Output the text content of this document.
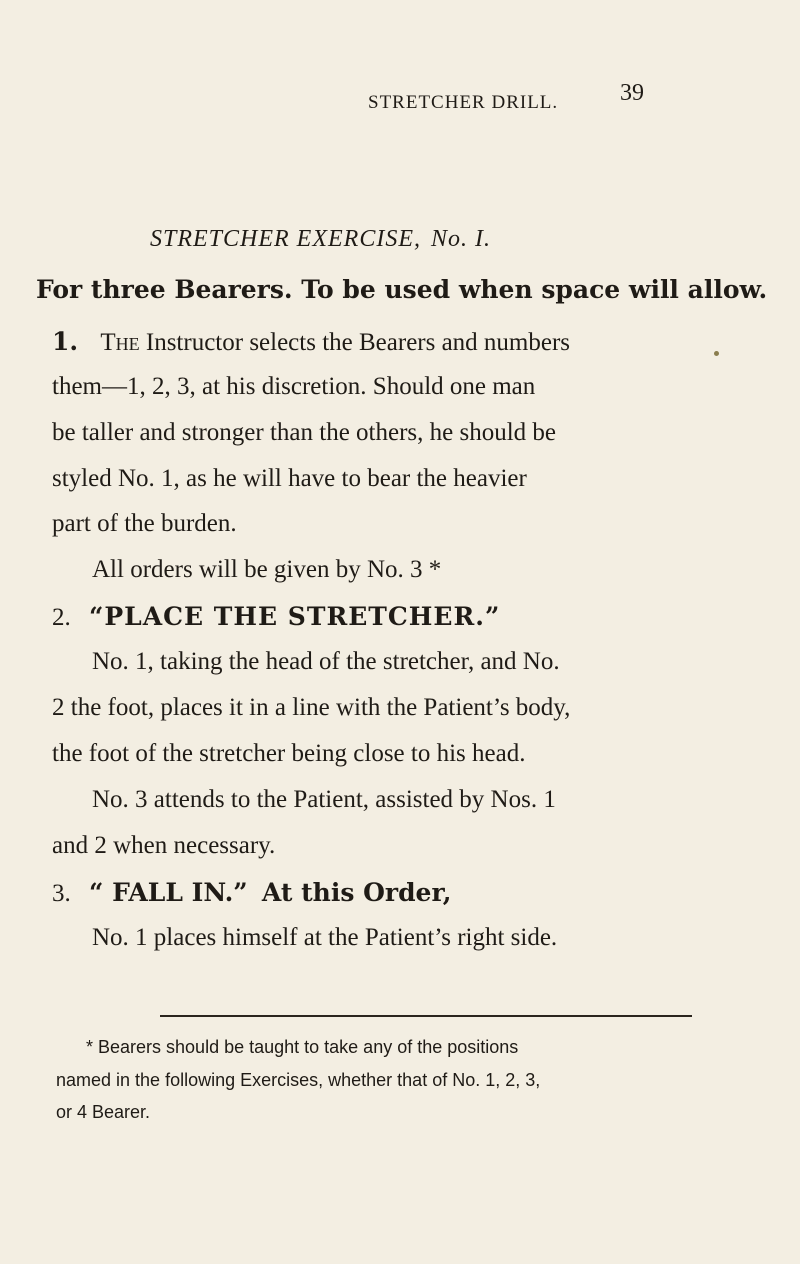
STRETCHER DRILL.	39
STRETCHER EXERCISE, No. I.
For three Bearers. To be used when space will allow.
1. The Instructor selects the Bearers and numbers
them—1, 2, 3, at his discretion. Should one man
be taller and stronger than the others, he should be
styled No. 1, as he will have to bear the heavier
part of the burden.
All orders will be given by No. 3 *
2. “PLACE THE STRETCHER.”
No. 1, taking the head of the stretcher, and No.
2 the foot, places it in a line with the Patient’s body,
the foot of the stretcher being close to his head.
No. 3 attends to the Patient, assisted by Nos. 1
and 2 when necessary.
3. “ FALL IN.” At this Order,
No. 1 places himself at the Patient’s right side.
* Bearers should be taught to take any of the positions
named in the following Exercises, whether that of No. 1, 2, 3,
or 4 Bearer.
